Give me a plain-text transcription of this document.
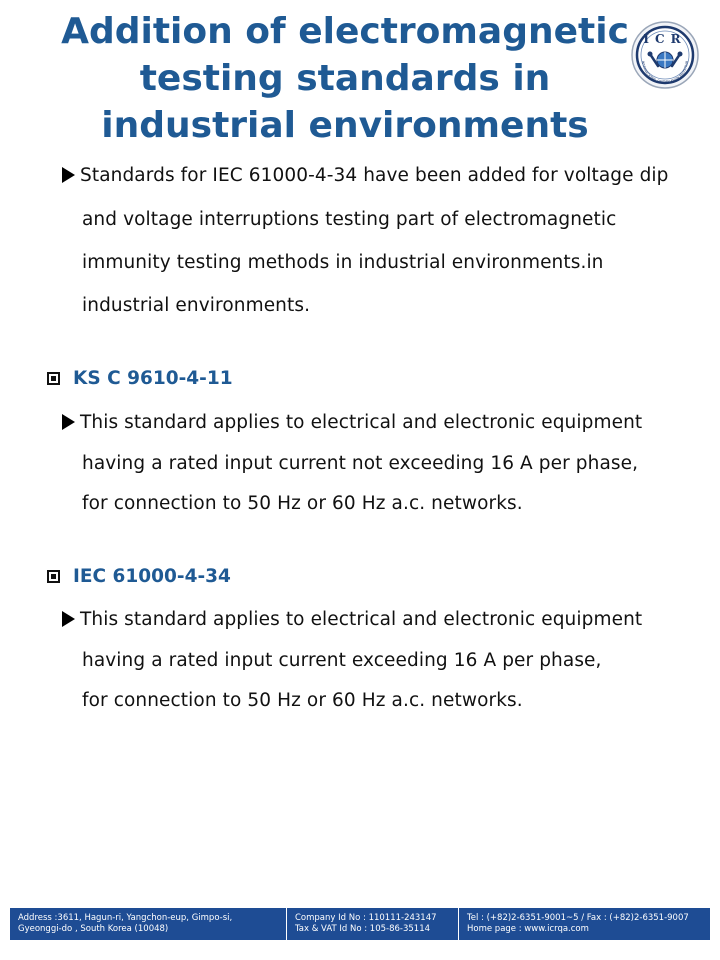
Addition of electromagnetic
testing standards in
industrial environments
ICR
INTERNATIONAL CERTIFICATION REGISTRAR
Standards for IEC 61000-4-34 have been added for voltage dip
and voltage interruptions testing part of electromagnetic
immunity testing methods in industrial environments.in
industrial environments.
KS C 9610-4-11
This standard applies to electrical and electronic equipment
having a rated input current not exceeding 16 A per phase,
for connection to 50 Hz or 60 Hz a.c. networks.
IEC 61000-4-34
This standard applies to electrical and electronic equipment
having a rated input current exceeding 16 A per phase,
for connection to 50 Hz or 60 Hz a.c. networks.
Address :3611, Hagun-ri, Yangchon-eup, Gimpo-si,
Gyeonggi-do , South Korea (10048)
Company Id No : 110111-243147
Tax & VAT Id No : 105-86-35114
Tel : (+82)2-6351-9001~5 / Fax : (+82)2-6351-9007
Home page : www.icrqa.com
